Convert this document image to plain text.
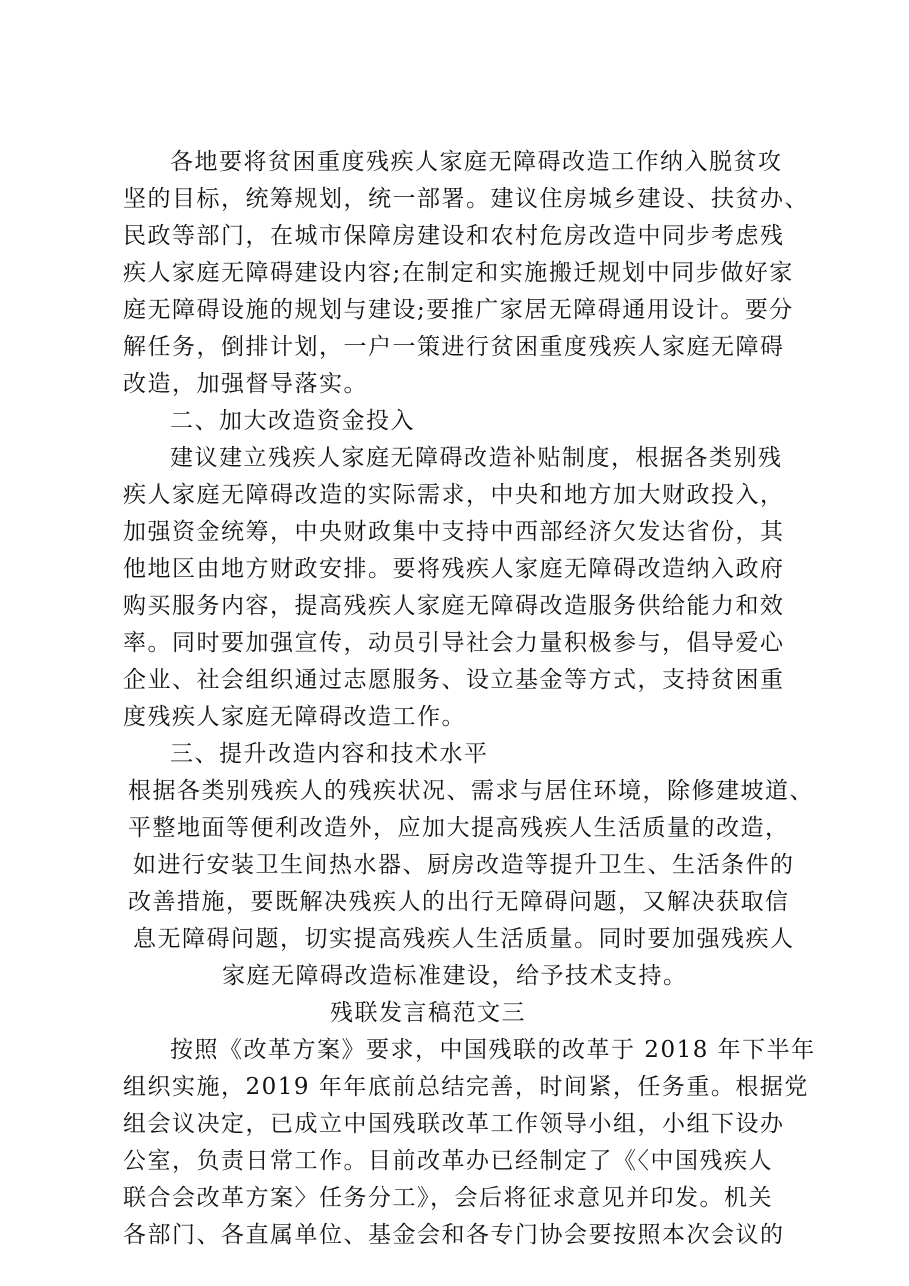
各地要将贫困重度残疾人家庭无障碍改造工作纳入脱贫攻
坚的目标，统筹规划，统一部署。建议住房城乡建设、扶贫办、
民政等部门，在城市保障房建设和农村危房改造中同步考虑残
疾人家庭无障碍建设内容;在制定和实施搬迁规划中同步做好家
庭无障碍设施的规划与建设;要推广家居无障碍通用设计。要分
解任务，倒排计划，一户一策进行贫困重度残疾人家庭无障碍
改造，加强督导落实。
二、加大改造资金投入
建议建立残疾人家庭无障碍改造补贴制度，根据各类别残
疾人家庭无障碍改造的实际需求，中央和地方加大财政投入，
加强资金统筹，中央财政集中支持中西部经济欠发达省份，其
他地区由地方财政安排。要将残疾人家庭无障碍改造纳入政府
购买服务内容，提高残疾人家庭无障碍改造服务供给能力和效
率。同时要加强宣传，动员引导社会力量积极参与，倡导爱心
企业、社会组织通过志愿服务、设立基金等方式，支持贫困重
度残疾人家庭无障碍改造工作。
三、提升改造内容和技术水平
根据各类别残疾人的残疾状况、需求与居住环境，除修建坡道、
平整地面等便利改造外，应加大提高残疾人生活质量的改造，
如进行安装卫生间热水器、厨房改造等提升卫生、生活条件的
改善措施，要既解决残疾人的出行无障碍问题，又解决获取信
息无障碍问题，切实提高残疾人生活质量。同时要加强残疾人
家庭无障碍改造标准建设，给予技术支持。
残联发言稿范文三
按照《改革方案》要求，中国残联的改革于 2018 年下半年
组织实施，2019 年年底前总结完善，时间紧，任务重。根据党
组会议决定，已成立中国残联改革工作领导小组，小组下设办
公室，负责日常工作。目前改革办已经制定了《〈中国残疾人
联合会改革方案〉任务分工》，会后将征求意见并印发。机关
各部门、各直属单位、基金会和各专门协会要按照本次会议的
